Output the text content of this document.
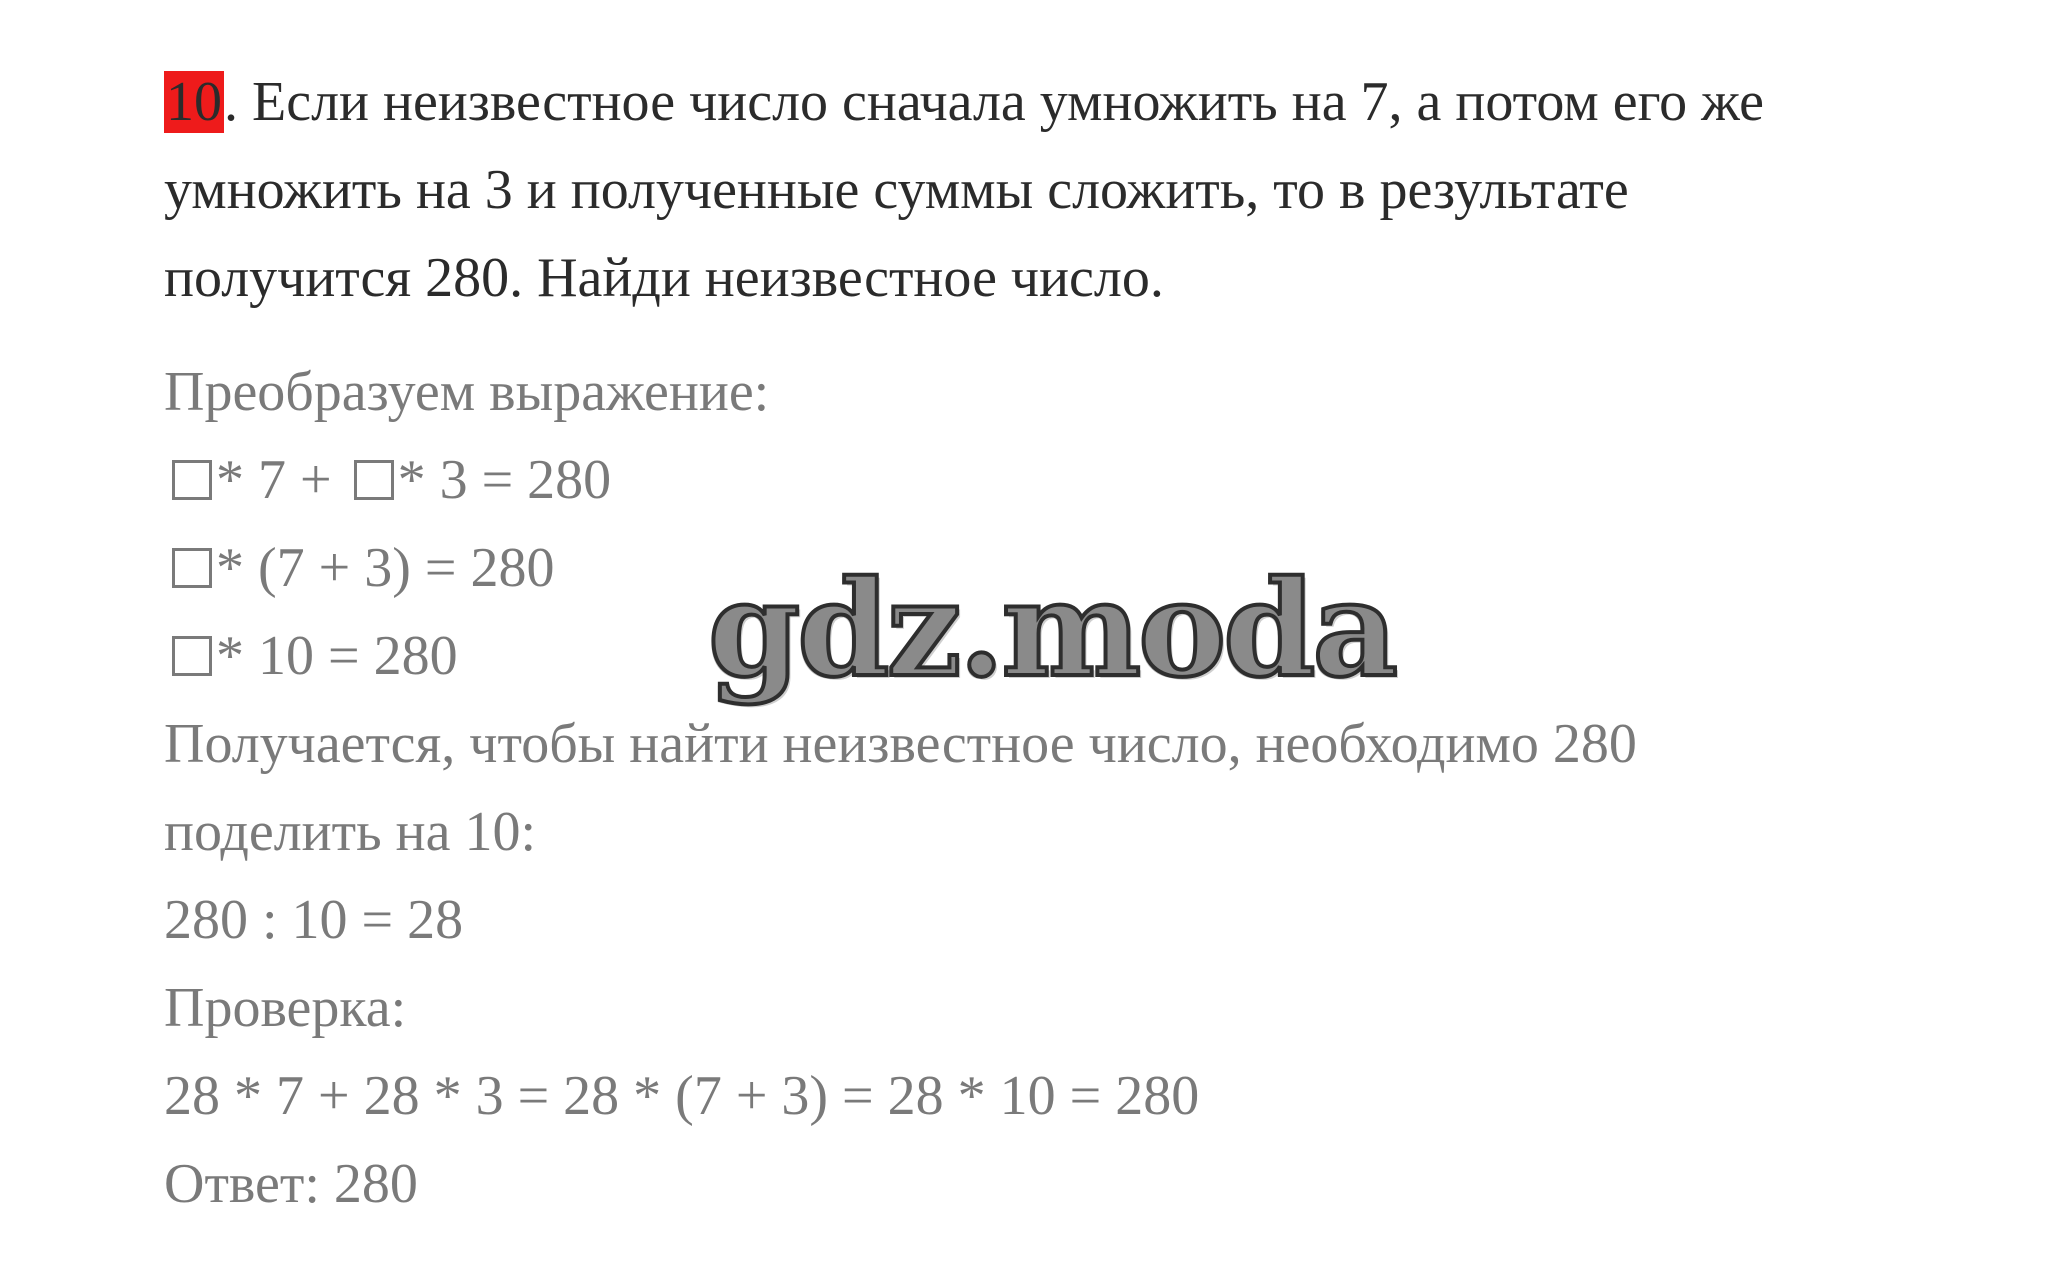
10. Если неизвестное число сначала умножить на 7, а потом его же
умножить на 3 и полученные суммы сложить, то в результате
получится 280. Найди неизвестное число.
Преобразуем выражение:
* 7 + * 3 = 280
* (7 + 3) = 280
* 10 = 280
Получается, чтобы найти неизвестное число, необходимо 280
поделить на 10:
280 : 10 = 28
Проверка:
28 * 7 + 28 * 3 = 28 * (7 + 3) = 28 * 10 = 280
Ответ: 280
gdz.moda
